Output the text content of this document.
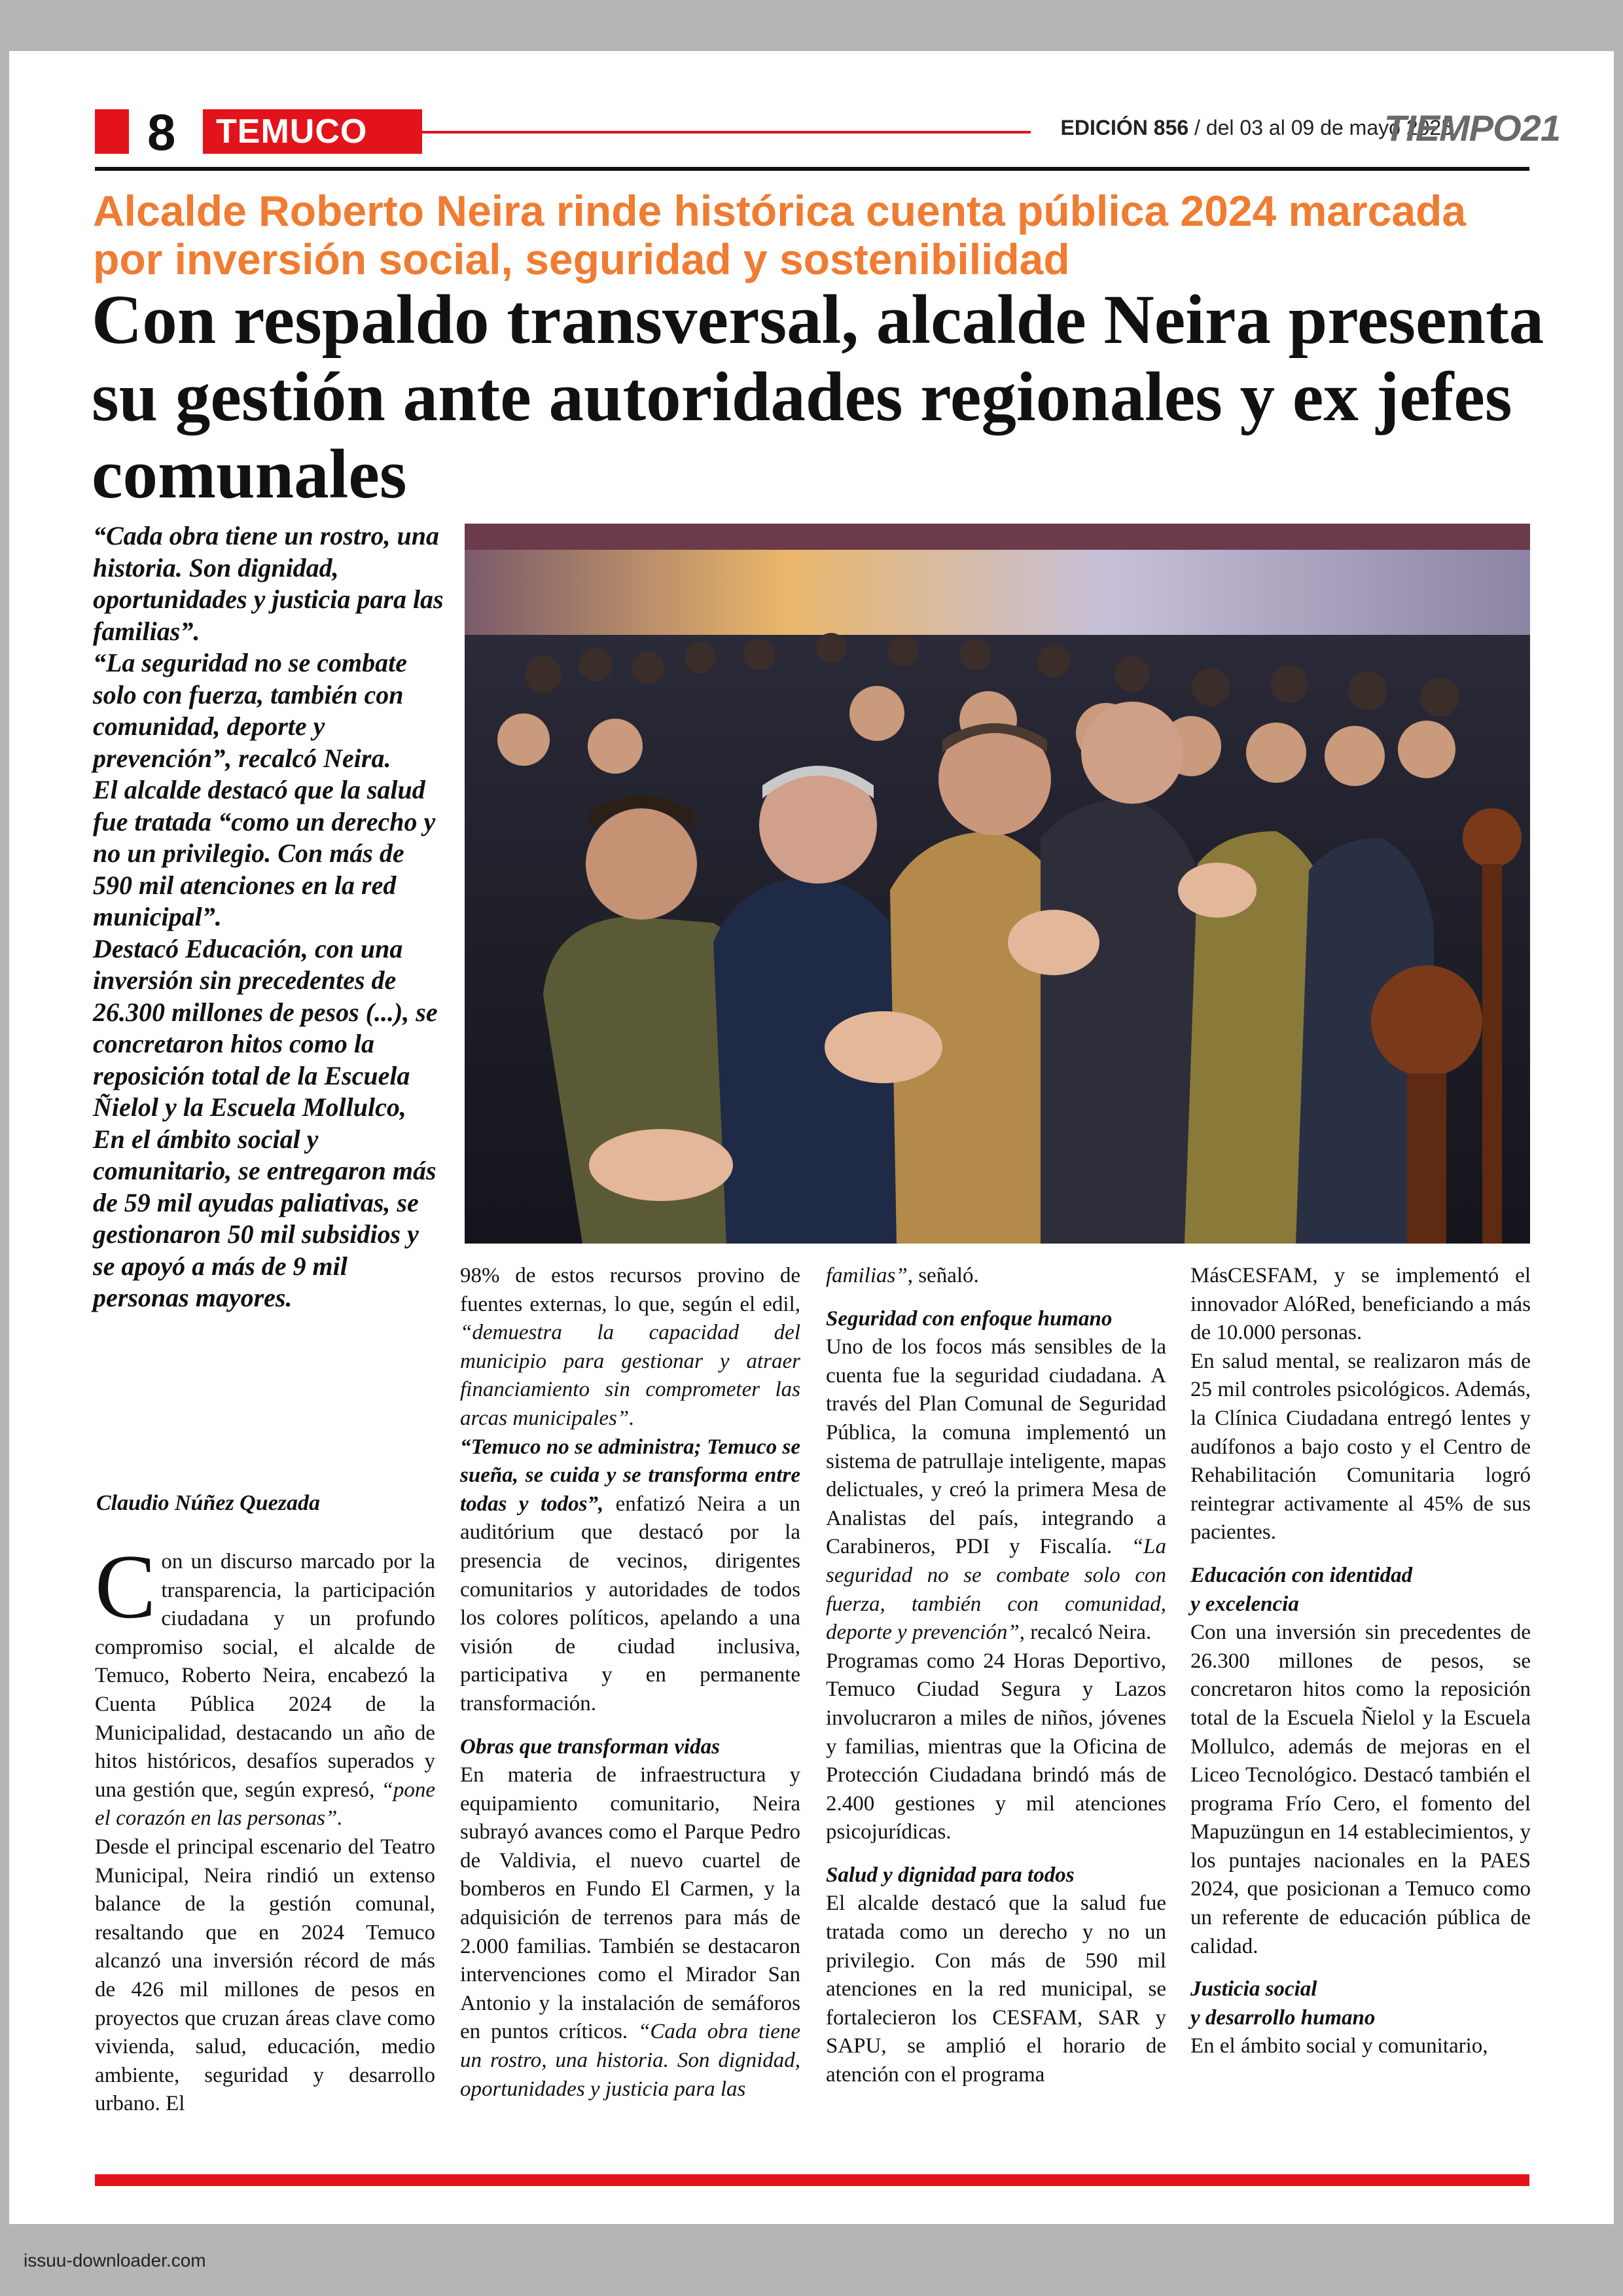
8	TEMUCO	EDICIÓN 856 / del 03 al 09 de mayo 2025
TIEMPO21
Alcalde Roberto Neira rinde histórica cuenta pública 2024 marcada por inversión social, seguridad y sostenibilidad
Con respaldo transversal, alcalde Neira presenta su gestión ante autoridades regionales y ex jefes comunales

“Cada obra tiene un rostro, una historia. Son dignidad, oportunidades y justicia para las familias”.

“La seguridad no se combate solo con fuerza, también con comunidad, deporte y prevención”, recalcó Neira.

El alcalde destacó que la salud fue tratada “como un derecho y no un privilegio. Con más de 590 mil atenciones en la red municipal”.

Destacó Educación, con una inversión sin precedentes de 26.300 millones de pesos (...), se concretaron hitos como la reposición total de la Escuela Ñielol y la Escuela Mollulco,

En el ámbito social y comunitario, se entregaron más de 59 mil ayudas paliativas, se gestionaron 50 mil subsidios y se apoyó a más de 9 mil personas mayores.

Claudio Núñez Quezada

Con un discurso marcado por la transparencia, la participación ciudadana y un profundo compromiso social, el alcalde de Temuco, Roberto Neira, encabezó la Cuenta Pública 2024 de la Municipalidad, destacando un año de hitos históricos, desafíos superados y una gestión que, según expresó, “pone el corazón en las personas”.

Desde el principal escenario del Teatro Municipal, Neira rindió un extenso balance de la gestión comunal, resaltando que en 2024 Temuco alcanzó una inversión récord de más de 426 mil millones de pesos en proyectos que cruzan áreas clave como vivienda, salud, educación, medio ambiente, seguridad y desarrollo urbano. El

98% de estos recursos provino de fuentes externas, lo que, según el edil, “demuestra la capacidad del municipio para gestionar y atraer financiamiento sin comprometer las arcas municipales”.

“Temuco no se administra; Temuco se sueña, se cuida y se transforma entre todas y todos”, enfatizó Neira a un auditórium que destacó por la presencia de vecinos, dirigentes comunitarios y autoridades de todos los colores políticos, apelando a una visión de ciudad inclusiva, participativa y en permanente transformación.

Obras que transforman vidas

En materia de infraestructura y equipamiento comunitario, Neira subrayó avances como el Parque Pedro de Valdivia, el nuevo cuartel de bomberos en Fundo El Carmen, y la adquisición de terrenos para más de 2.000 familias. También se destacaron intervenciones como el Mirador San Antonio y la instalación de semáforos en puntos críticos. “Cada obra tiene un rostro, una historia. Son dignidad, oportunidades y justicia para las

familias”, señaló.

Seguridad con enfoque humano

Uno de los focos más sensibles de la cuenta fue la seguridad ciudadana. A través del Plan Comunal de Seguridad Pública, la comuna implementó un sistema de patrullaje inteligente, mapas delictuales, y creó la primera Mesa de Analistas del país, integrando a Carabineros, PDI y Fiscalía. “La seguridad no se combate solo con fuerza, también con comunidad, deporte y prevención”, recalcó Neira.

Programas como 24 Horas Deportivo, Temuco Ciudad Segura y Lazos involucraron a miles de niños, jóvenes y familias, mientras que la Oficina de Protección Ciudadana brindó más de 2.400 gestiones y mil atenciones psicojurídicas.

Salud y dignidad para todos

El alcalde destacó que la salud fue tratada como un derecho y no un privilegio. Con más de 590 mil atenciones en la red municipal, se fortalecieron los CESFAM, SAR y SAPU, se amplió el horario de atención con el programa

MásCESFAM, y se implementó el innovador AlóRed, beneficiando a más de 10.000 personas.

En salud mental, se realizaron más de 25 mil controles psicológicos. Además, la Clínica Ciudadana entregó lentes y audífonos a bajo costo y el Centro de Rehabilitación Comunitaria logró reintegrar activamente al 45% de sus pacientes.

Educación con identidad

y excelencia

Con una inversión sin precedentes de 26.300 millones de pesos, se concretaron hitos como la reposición total de la Escuela Ñielol y la Escuela Mollulco, además de mejoras en el Liceo Tecnológico. Destacó también el programa Frío Cero, el fomento del Mapuzüngun en 14 establecimientos, y los puntajes nacionales en la PAES 2024, que posicionan a Temuco como un referente de educación pública de calidad.

Justicia social

y desarrollo humano

En el ámbito social y comunitario,

issuu-downloader.com
